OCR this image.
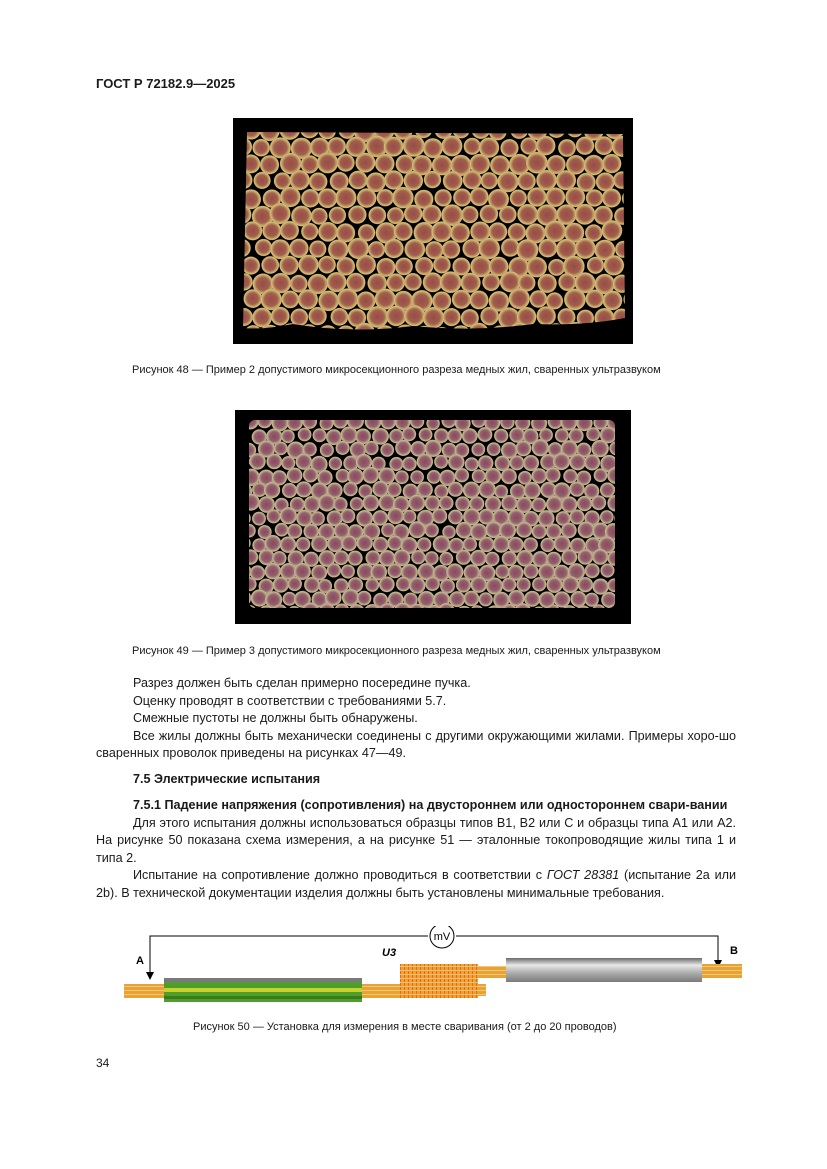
ГОСТ Р 72182.9—2025
Рисунок 48 — Пример 2 допустимого микросекционного разреза медных жил, сваренных ультразвуком
Рисунок 49 — Пример 3 допустимого микросекционного разреза медных жил, сваренных ультразвуком

Разрез должен быть сделан примерно посередине пучка.

Оценку проводят в соответствии с требованиями 5.7.

Смежные пустоты не должны быть обнаружены.

Все жилы должны быть механически соединены с другими окружающими жилами. Примеры хоро-шо сваренных проволок приведены на рисунках 47—49.

7.5 Электрические испытания

7.5.1 Падение напряжения (сопротивления) на двустороннем или одностороннем свари-вании

Для этого испытания должны использоваться образцы типов B1, B2 или C и образцы типа A1 или A2. На рисунке 50 показана схема измерения, а на рисунке 51 — эталонные токопроводящие жилы типа 1 и типа 2.

Испытание на сопротивление должно проводиться в соответствии с ГОСТ 28381 (испытание 2a или 2b). В технической документации изделия должны быть установлены минимальные требования.

mV
A
B
U3
Рисунок 50 — Установка для измерения в месте сваривания (от 2 до 20 проводов)
34
